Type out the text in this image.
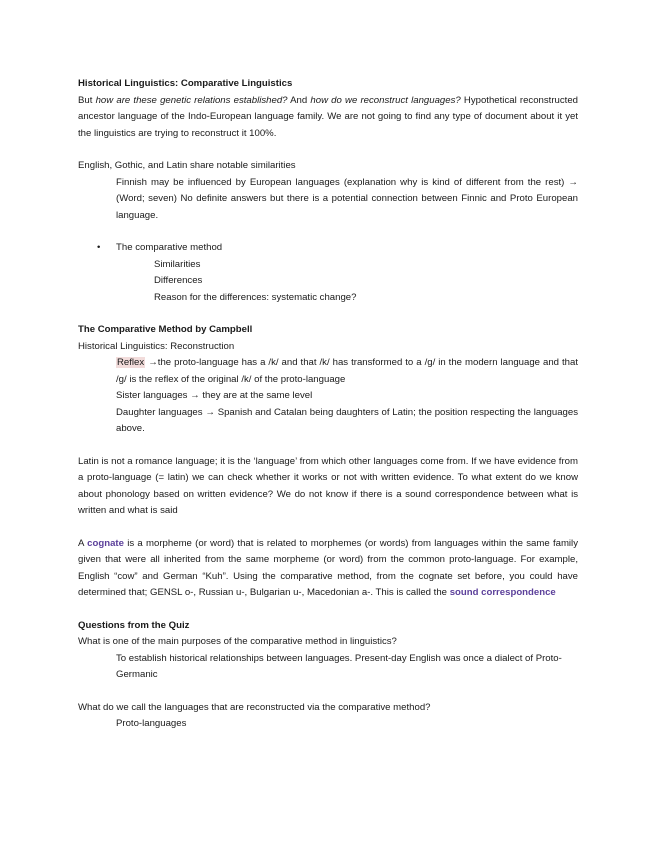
Historical Linguistics: Comparative Linguistics

But how are these genetic relations established? And how do we reconstruct languages? Hypothetical reconstructed ancestor language of the Indo-European language family. We are not going to find any type of document about it yet the linguistics are trying to reconstruct it 100%.

English, Gothic, and Latin share notable similarities

Finnish may be influenced by European languages (explanation why is kind of different from the rest) → (Word; seven) No definite answers but there is a potential connection between Finnic and Proto European language.

• The comparative method

Similarities

Differences

Reason for the differences: systematic change?

The Comparative Method by Campbell

Historical Linguistics: Reconstruction

Reflex →the proto-language has a /k/ and that /k/ has transformed to a /g/ in the modern language and that /g/ is the reflex of the original /k/ of the proto-language

Sister languages → they are at the same level

Daughter languages → Spanish and Catalan being daughters of Latin; the position respecting the languages above.

Latin is not a romance language; it is the ‘language’ from which other languages come from. If we have evidence from a proto-language (= latin) we can check whether it works or not with written evidence. To what extent do we know about phonology based on written evidence? We do not know if there is a sound correspondence between what is written and what is said

A cognate is a morpheme (or word) that is related to morphemes (or words) from languages within the same family given that were all inherited from the same morpheme (or word) from the common proto-language. For example, English “cow” and German “Kuh”. Using the comparative method, from the cognate set before, you could have determined that; GENSL o-, Russian u-, Bulgarian u-, Macedonian a-. This is called the sound correspondence

Questions from the Quiz

What is one of the main purposes of the comparative method in linguistics?

To establish historical relationships between languages. Present-day English was once a dialect of Proto-Germanic

What do we call the languages that are reconstructed via the comparative method?

Proto-languages
